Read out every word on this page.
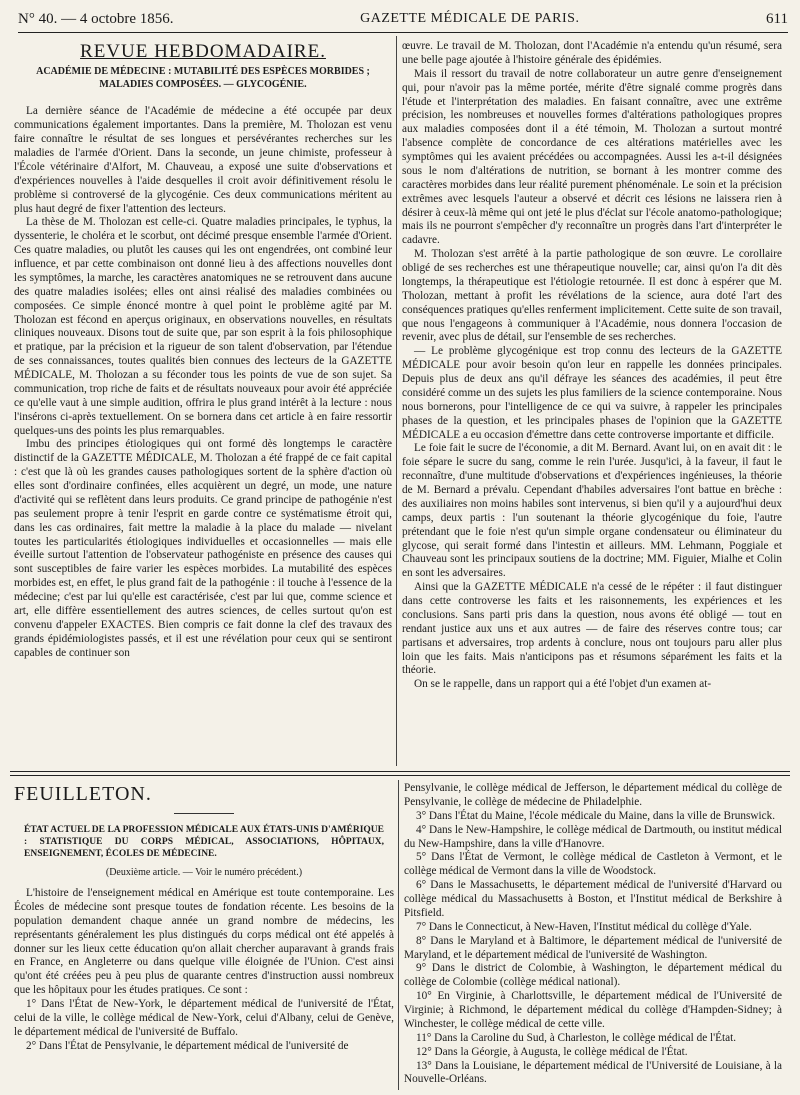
N° 40. — 4 octobre 1856.	GAZETTE MÉDICALE DE PARIS.	611

REVUE HEBDOMADAIRE.

ACADÉMIE DE MÉDECINE : MUTABILITÉ DES ESPÈCES MORBIDES ; MALADIES COMPOSÉES. — GLYCOGÉNIE.

La dernière séance de l'Académie de médecine a été occupée par deux communications également importantes. Dans la première, M. Tholozan est venu faire connaître le résultat de ses longues et persévérantes recherches sur les maladies de l'armée d'Orient. Dans la seconde, un jeune chimiste, professeur à l'École vétérinaire d'Alfort, M. Chauveau, a exposé une suite d'observations et d'expériences nouvelles à l'aide desquelles il croit avoir définitivement résolu le problème si controversé de la glycogénie. Ces deux communications méritent au plus haut degré de fixer l'attention des lecteurs.

La thèse de M. Tholozan est celle-ci. Quatre maladies principales, le typhus, la dyssenterie, le choléra et le scorbut, ont décimé presque ensemble l'armée d'Orient. Ces quatre maladies, ou plutôt les causes qui les ont engendrées, ont combiné leur influence, et par cette combinaison ont donné lieu à des affections nouvelles dont les symptômes, la marche, les caractères anatomiques ne se retrouvent dans aucune des quatre maladies isolées; elles ont ainsi réalisé des maladies combinées ou composées. Ce simple énoncé montre à quel point le problème agité par M. Tholozan est fécond en aperçus originaux, en observations nouvelles, en résultats cliniques nouveaux. Disons tout de suite que, par son esprit à la fois philosophique et pratique, par la précision et la rigueur de son talent d'observation, par l'étendue de ses connaissances, toutes qualités bien connues des lecteurs de la GAZETTE MÉDICALE, M. Tholozan a su féconder tous les points de vue de son sujet. Sa communication, trop riche de faits et de résultats nouveaux pour avoir été appréciée ce qu'elle vaut à une simple audition, offrira le plus grand intérêt à la lecture : nous l'insérons ci-après textuellement. On se bornera dans cet article à en faire ressortir quelques-uns des points les plus remarquables.

Imbu des principes étiologiques qui ont formé dès longtemps le caractère distinctif de la GAZETTE MÉDICALE, M. Tholozan a été frappé de ce fait capital : c'est que là où les grandes causes pathologiques sortent de la sphère d'action où elles sont d'ordinaire confinées, elles acquièrent un degré, un mode, une nature d'activité qui se reflètent dans leurs produits. Ce grand principe de pathogénie n'est pas seulement propre à tenir l'esprit en garde contre ce systématisme étroit qui, dans les cas ordinaires, fait mettre la maladie à la place du malade — nivelant toutes les particularités étiologiques individuelles et occasionnelles — mais elle éveille surtout l'attention de l'observateur pathogéniste en présence des causes qui sont susceptibles de faire varier les espèces morbides. La mutabilité des espèces morbides est, en effet, le plus grand fait de la pathogénie : il touche à l'essence de la médecine; c'est par lui qu'elle est caractérisée, c'est par lui que, comme science et art, elle diffère essentiellement des autres sciences, de celles surtout qu'on est convenu d'appeler EXACTES. Bien compris ce fait donne la clef des travaux des grands épidémiologistes passés, et il est une révélation pour ceux qui se sentiront capables de continuer son

œuvre. Le travail de M. Tholozan, dont l'Académie n'a entendu qu'un résumé, sera une belle page ajoutée à l'histoire générale des épidémies.

Mais il ressort du travail de notre collaborateur un autre genre d'enseignement qui, pour n'avoir pas la même portée, mérite d'être signalé comme progrès dans l'étude et l'interprétation des maladies. En faisant connaître, avec une extrême précision, les nombreuses et nouvelles formes d'altérations pathologiques propres aux maladies composées dont il a été témoin, M. Tholozan a surtout montré l'absence complète de concordance de ces altérations matérielles avec les symptômes qui les avaient précédées ou accompagnées. Aussi les a-t-il désignées sous le nom d'altérations de nutrition, se bornant à les montrer comme des caractères morbides dans leur réalité purement phénoménale. Le soin et la précision extrêmes avec lesquels l'auteur a observé et décrit ces lésions ne laissera rien à désirer à ceux-là même qui ont jeté le plus d'éclat sur l'école anatomo-pathologique; mais ils ne pourront s'empêcher d'y reconnaître un progrès dans l'art d'interpréter le cadavre.

M. Tholozan s'est arrêté à la partie pathologique de son œuvre. Le corollaire obligé de ses recherches est une thérapeutique nouvelle; car, ainsi qu'on l'a dit dès longtemps, la thérapeutique est l'étiologie retournée. Il est donc à espérer que M. Tholozan, mettant à profit les révélations de la science, aura doté l'art des conséquences pratiques qu'elles renferment implicitement. Cette suite de son travail, que nous l'engageons à communiquer à l'Académie, nous donnera l'occasion de revenir, avec plus de détail, sur l'ensemble de ses recherches.

— Le problème glycogénique est trop connu des lecteurs de la GAZETTE MÉDICALE pour avoir besoin qu'on leur en rappelle les données principales. Depuis plus de deux ans qu'il défraye les séances des académies, il peut être considéré comme un des sujets les plus familiers de la science contemporaine. Nous nous bornerons, pour l'intelligence de ce qui va suivre, à rappeler les principales phases de la question, et les principales phases de l'opinion que la GAZETTE MÉDICALE a eu occasion d'émettre dans cette controverse importante et difficile.

Le foie fait le sucre de l'économie, a dit M. Bernard. Avant lui, on en avait dit : le foie sépare le sucre du sang, comme le rein l'urée. Jusqu'ici, à la faveur, il faut le reconnaître, d'une multitude d'observations et d'expériences ingénieuses, la théorie de M. Bernard a prévalu. Cependant d'habiles adversaires l'ont battue en brèche : des auxiliaires non moins habiles sont intervenus, si bien qu'il y a aujourd'hui deux camps, deux partis : l'un soutenant la théorie glycogénique du foie, l'autre prétendant que le foie n'est qu'un simple organe condensateur ou éliminateur du glycose, qui serait formé dans l'intestin et ailleurs. MM. Lehmann, Poggiale et Chauveau sont les principaux soutiens de la doctrine; MM. Figuier, Mialhe et Colin en sont les adversaires.

Ainsi que la GAZETTE MÉDICALE n'a cessé de le répéter : il faut distinguer dans cette controverse les faits et les raisonnements, les expériences et les conclusions. Sans parti pris dans la question, nous avons été obligé — tout en rendant justice aux uns et aux autres — de faire des réserves contre tous; car partisans et adversaires, trop ardents à conclure, nous ont toujours paru aller plus loin que les faits. Mais n'anticipons pas et résumons séparément les faits et la théorie.

On se le rappelle, dans un rapport qui a été l'objet d'un examen at-

FEUILLETON.

ÉTAT ACTUEL DE LA PROFESSION MÉDICALE AUX ÉTATS-UNIS D'AMÉRIQUE : STATISTIQUE DU CORPS MÉDICAL, ASSOCIATIONS, HÔPITAUX, ENSEIGNEMENT, ÉCOLES DE MÉDECINE.

(Deuxième article. — Voir le numéro précédent.)

L'histoire de l'enseignement médical en Amérique est toute contemporaine. Les Écoles de médecine sont presque toutes de fondation récente. Les besoins de la population demandent chaque année un grand nombre de médecins, les représentants généralement les plus distingués du corps médical ont été appelés à donner sur les lieux cette éducation qu'on allait chercher auparavant à grands frais en France, en Angleterre ou dans quelque ville éloignée de l'Union. C'est ainsi qu'ont été créées peu à peu plus de quarante centres d'instruction aussi nombreux que les hôpitaux pour les études pratiques. Ce sont :

1° Dans l'État de New-York, le département médical de l'université de l'État, celui de la ville, le collège médical de New-York, celui d'Albany, celui de Genève, le département médical de l'université de Buffalo.

2° Dans l'État de Pensylvanie, le département médical de l'université de

Pensylvanie, le collège médical de Jefferson, le département médical du collège de Pensylvanie, le collège de médecine de Philadelphie.

3° Dans l'État du Maine, l'école médicale du Maine, dans la ville de Brunswick.

4° Dans le New-Hampshire, le collège médical de Dartmouth, ou institut médical du New-Hampshire, dans la ville d'Hanovre.

5° Dans l'État de Vermont, le collège médical de Castleton à Vermont, et le collège médical de Vermont dans la ville de Woodstock.

6° Dans le Massachusetts, le département médical de l'université d'Harvard ou collège médical du Massachusetts à Boston, et l'Institut médical de Berkshire à Pitsfield.

7° Dans le Connecticut, à New-Haven, l'Institut médical du collège d'Yale.

8° Dans le Maryland et à Baltimore, le département médical de l'université de Maryland, et le département médical de l'université de Washington.

9° Dans le district de Colombie, à Washington, le département médical du collège de Colombie (collège médical national).

10° En Virginie, à Charlottsville, le département médical de l'Université de Virginie; à Richmond, le département médical du collège d'Hampden-Sidney; à Winchester, le collège médical de cette ville.

11° Dans la Caroline du Sud, à Charleston, le collège médical de l'État.

12° Dans la Géorgie, à Augusta, le collège médical de l'État.

13° Dans la Louisiane, le département médical de l'Université de Louisiane, à la Nouvelle-Orléans.
